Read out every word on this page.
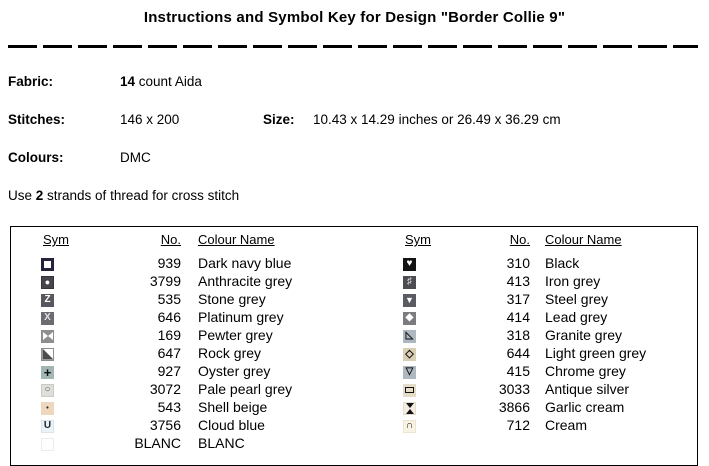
Instructions and Symbol Key for Design "Border Collie 9"
Fabric:	14 count Aida
Stitches:	146 x 200	Size: 10.43 x 14.29 inches or 26.49 x 36.29 cm
Colours:	DMC
Use 2 strands of thread for cross stitch
Sym	No.	Colour Name

	939	Dark navy blue

●	3799	Anthracite grey

Z	535	Stone grey

X	646	Platinum grey

	169	Pewter grey

	647	Rock grey

+	927	Oyster grey

○	3072	Pale pearl grey

•	543	Shell beige

U	3756	Cloud blue

	BLANC	BLANC
Sym	No.	Colour Name

♥	310	Black

♯	413	Iron grey

▼	317	Steel grey

◆	414	Lead grey

◺	318	Granite grey

◇	644	Light green grey

▽	415	Chrome grey

	3033	Antique silver

	3866	Garlic cream

∩	712	Cream
